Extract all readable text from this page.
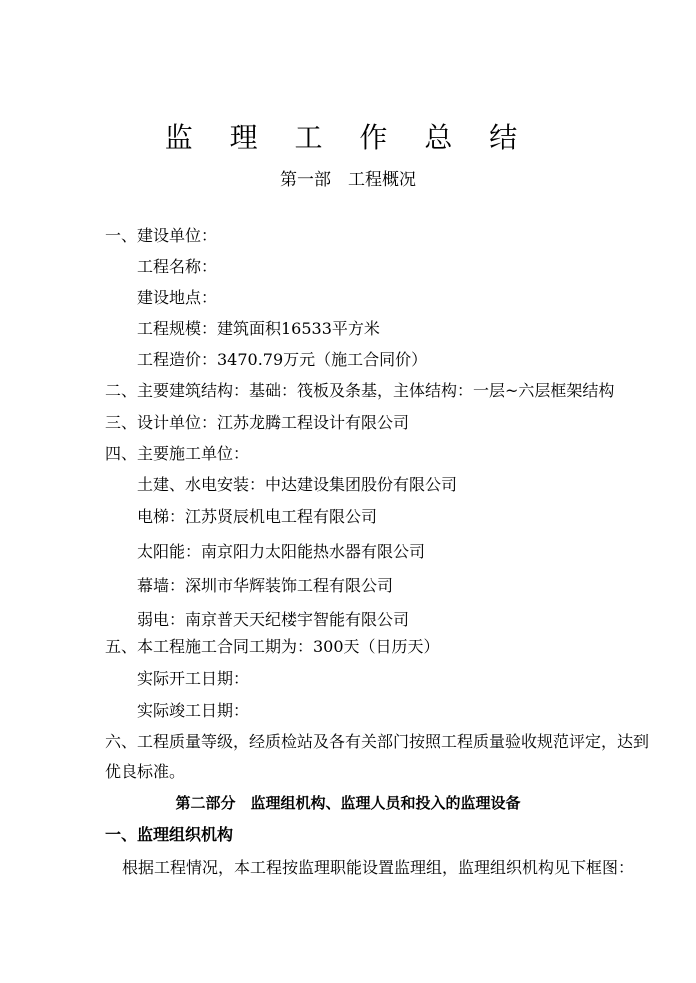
监 理 工 作 总 结
第一部　工程概况
一、建设单位：
工程名称：
建设地点：
工程规模：建筑面积16533平方米
工程造价：3470.79万元（施工合同价）
二、主要建筑结构：基础：筏板及条基，主体结构：一层~六层框架结构
三、设计单位：江苏龙腾工程设计有限公司
四、主要施工单位：
土建、水电安装：中达建设集团股份有限公司
电梯：江苏贤辰机电工程有限公司
太阳能：南京阳力太阳能热水器有限公司
幕墙：深圳市华辉装饰工程有限公司
弱电：南京普天天纪楼宇智能有限公司
五、本工程施工合同工期为：300天（日历天）
实际开工日期：
实际竣工日期：
六、工程质量等级，经质检站及各有关部门按照工程质量验收规范评定，达到
优良标准。
第二部分　监理组机构、监理人员和投入的监理设备
一、监理组织机构
根据工程情况，本工程按监理职能设置监理组，监理组织机构见下框图：
